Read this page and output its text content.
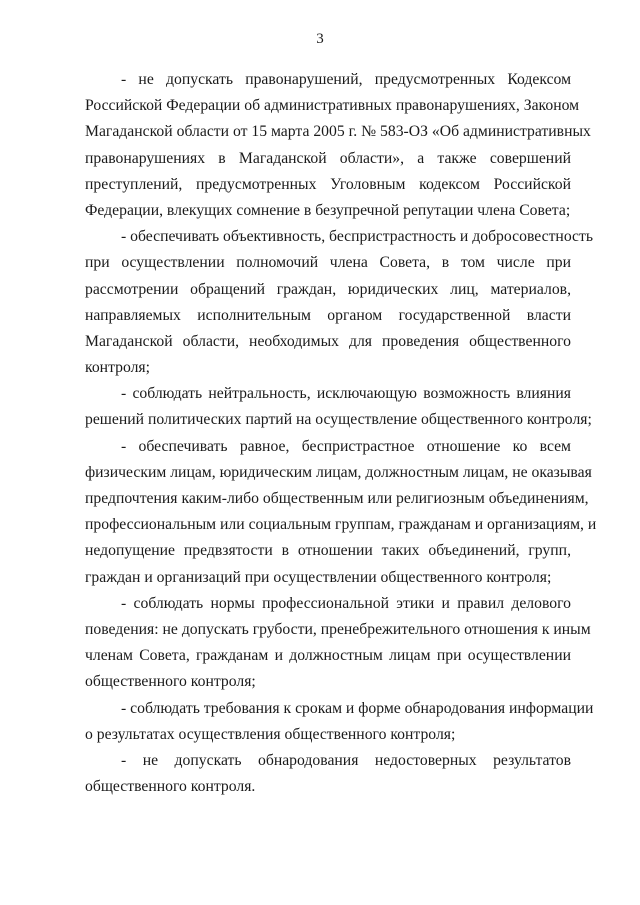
3

- не допускать правонарушений, предусмотренных Кодексом
Российской Федерации об административных правонарушениях, Законом
Магаданской области от 15 марта 2005 г. № 583-ОЗ «Об административных
правонарушениях в Магаданской области», а также совершений
преступлений, предусмотренных Уголовным кодексом Российской
Федерации, влекущих сомнение в безупречной репутации члена Совета;

- обеспечивать объективность, беспристрастность и добросовестность
при осуществлении полномочий члена Совета, в том числе при
рассмотрении обращений граждан, юридических лиц, материалов,
направляемых исполнительным органом государственной власти
Магаданской области, необходимых для проведения общественного
контроля;

- соблюдать нейтральность, исключающую возможность влияния
решений политических партий на осуществление общественного контроля;

- обеспечивать равное, беспристрастное отношение ко всем
физическим лицам, юридическим лицам, должностным лицам, не оказывая
предпочтения каким-либо общественным или религиозным объединениям,
профессиональным или социальным группам, гражданам и организациям, и
недопущение предвзятости в отношении таких объединений, групп,
граждан и организаций при осуществлении общественного контроля;

- соблюдать нормы профессиональной этики и правил делового
поведения: не допускать грубости, пренебрежительного отношения к иным
членам Совета, гражданам и должностным лицам при осуществлении
общественного контроля;

- соблюдать требования к срокам и форме обнародования информации
о результатах осуществления общественного контроля;

- не допускать обнародования недостоверных результатов
общественного контроля.
